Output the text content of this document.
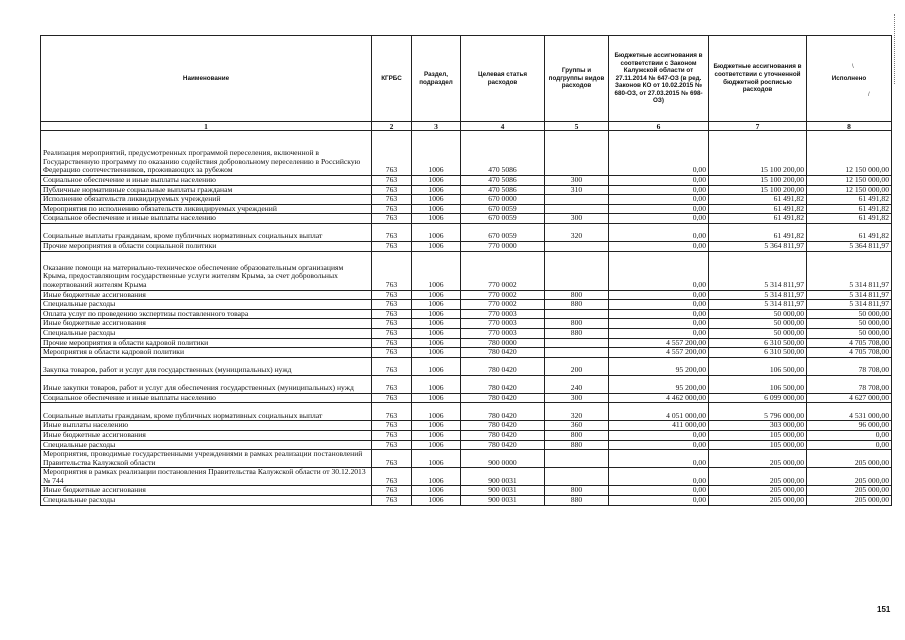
\
/
Наименование	КГРБС	Раздел, подраздел	Целевая статья расходов	Группы и подгруппы видов расходов	Бюджетные ассигнования в соответствии с Законом Калужской области от 27.11.2014 № 647-ОЗ (в ред. Законов КО от 10.02.2015 № 680-ОЗ, от 27.03.2015 № 698-ОЗ)	Бюджетные ассигнования в соответствии с уточненной бюджетной росписью расходов	Исполнено
1	2	3	4	5	6	7	8
Реализация мероприятий, предусмотренных программой переселения, включенной в Государственную программу по оказанию содействия добровольному переселению в Российскую Федерацию соотечественников, проживающих за рубежом	763	1006	470 5086		0,00	15 100 200,00	12 150 000,00
Социальное обеспечение и иные выплаты населению	763	1006	470 5086	300	0,00	15 100 200,00	12 150 000,00
Публичные нормативные социальные выплаты гражданам	763	1006	470 5086	310	0,00	15 100 200,00	12 150 000,00
Исполнение обязательств ликвидируемых учреждений	763	1006	670 0000		0,00	61 491,82	61 491,82
Мероприятия по исполнению обязательств ликвидируемых учреждений	763	1006	670 0059		0,00	61 491,82	61 491,82
Социальное обеспечение и иные выплаты населению	763	1006	670 0059	300	0,00	61 491,82	61 491,82
Социальные выплаты гражданам, кроме публичных нормативных социальных выплат	763	1006	670 0059	320	0,00	61 491,82	61 491,82
Прочие мероприятия в области социальной политики	763	1006	770 0000		0,00	5 364 811,97	5 364 811,97
Оказание помощи на материально-техническое обеспечение образовательным организациям Крыма, предоставляющим государственные услуги жителям Крыма, за счет добровольных пожертвований жителям Крыма	763	1006	770 0002		0,00	5 314 811,97	5 314 811,97
Иные бюджетные ассигнования	763	1006	770 0002	800	0,00	5 314 811,97	5 314 811,97
Специальные расходы	763	1006	770 0002	880	0,00	5 314 811,97	5 314 811,97
Оплата услуг по проведению экспертизы поставленного товара	763	1006	770 0003		0,00	50 000,00	50 000,00
Иные бюджетные ассигнования	763	1006	770 0003	800	0,00	50 000,00	50 000,00
Специальные расходы	763	1006	770 0003	880	0,00	50 000,00	50 000,00
Прочие мероприятия в области кадровой политики	763	1006	780 0000		4 557 200,00	6 310 500,00	4 705 708,00
Мероприятия в области кадровой политики	763	1006	780 0420		4 557 200,00	6 310 500,00	4 705 708,00
Закупка товаров, работ и услуг для государственных (муниципальных) нужд	763	1006	780 0420	200	95 200,00	106 500,00	78 708,00
Иные закупки товаров, работ и услуг для обеспечения государственных (муниципальных) нужд	763	1006	780 0420	240	95 200,00	106 500,00	78 708,00
Социальное обеспечение и иные выплаты населению	763	1006	780 0420	300	4 462 000,00	6 099 000,00	4 627 000,00
Социальные выплаты гражданам, кроме публичных нормативных социальных выплат	763	1006	780 0420	320	4 051 000,00	5 796 000,00	4 531 000,00
Иные выплаты населению	763	1006	780 0420	360	411 000,00	303 000,00	96 000,00
Иные бюджетные ассигнования	763	1006	780 0420	800	0,00	105 000,00	0,00
Специальные расходы	763	1006	780 0420	880	0,00	105 000,00	0,00
Мероприятия, проводимые государственными учреждениями в рамках реализации постановлений Правительства Калужской области	763	1006	900 0000		0,00	205 000,00	205 000,00
Мероприятия в рамках реализации постановления Правительства Калужской области от 30.12.2013 № 744	763	1006	900 0031		0,00	205 000,00	205 000,00
Иные бюджетные ассигнования	763	1006	900 0031	800	0,00	205 000,00	205 000,00
Специальные расходы	763	1006	900 0031	880	0,00	205 000,00	205 000,00
151
